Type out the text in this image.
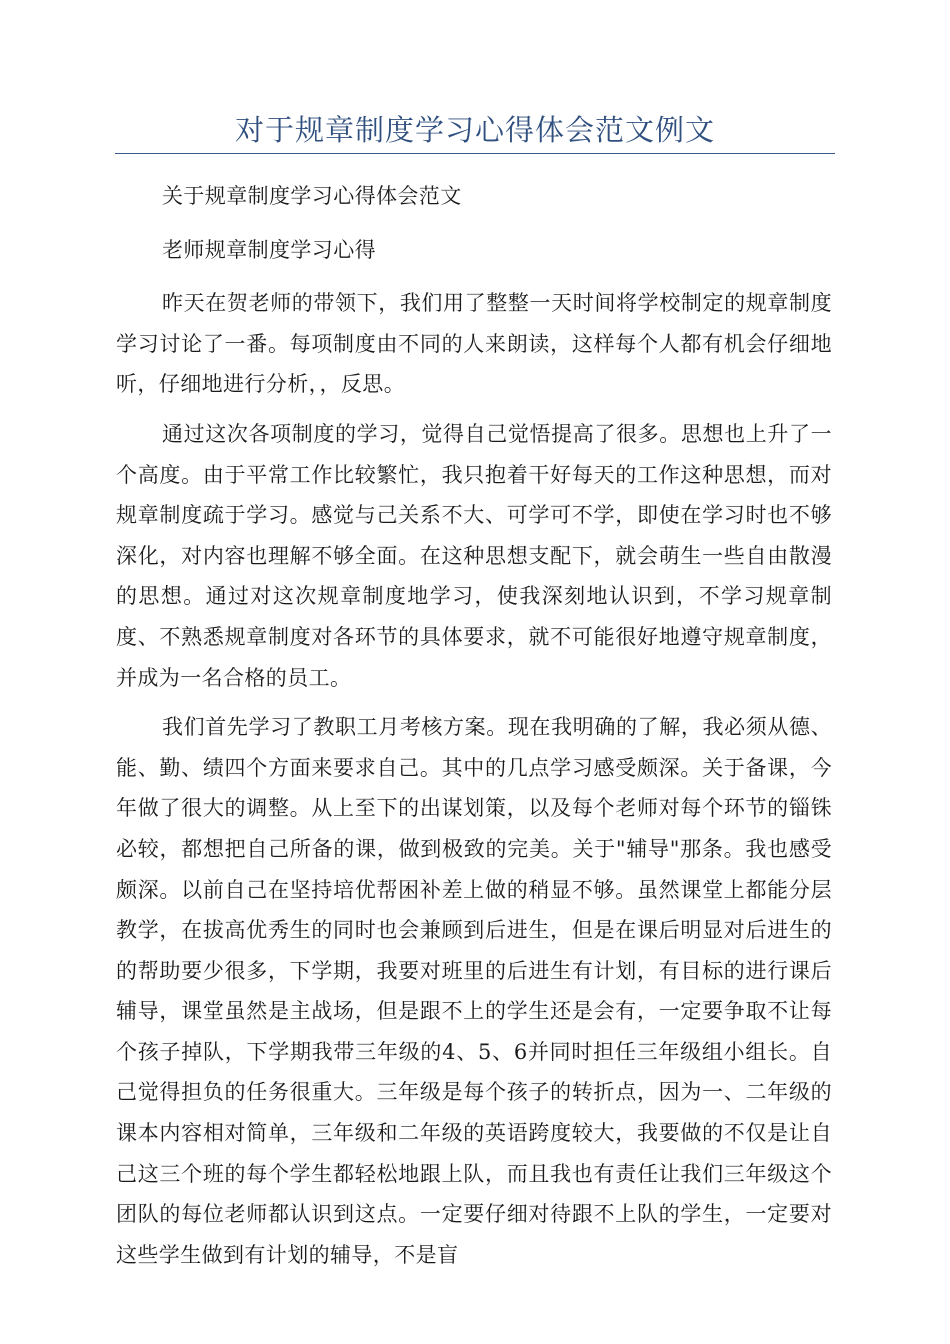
对于规章制度学习心得体会范文例文

关于规章制度学习心得体会范文

老师规章制度学习心得

昨天在贺老师的带领下，我们用了整整一天时间将学校制定的规章制度学习讨论了一番。每项制度由不同的人来朗读，这样每个人都有机会仔细地听，仔细地进行分析，，反思。

通过这次各项制度的学习，觉得自己觉悟提高了很多。思想也上升了一个高度。由于平常工作比较繁忙，我只抱着干好每天的工作这种思想，而对规章制度疏于学习。感觉与己关系不大、可学可不学，即使在学习时也不够深化，对内容也理解不够全面。在这种思想支配下，就会萌生一些自由散漫的思想。通过对这次规章制度地学习，使我深刻地认识到，不学习规章制度、不熟悉规章制度对各环节的具体要求，就不可能很好地遵守规章制度，并成为一名合格的员工。

我们首先学习了教职工月考核方案。现在我明确的了解，我必须从德、能、勤、绩四个方面来要求自己。其中的几点学习感受颇深。关于备课，今年做了很大的调整。从上至下的出谋划策，以及每个老师对每个环节的锱铢必较，都想把自己所备的课，做到极致的完美。关于"辅导"那条。我也感受颇深。以前自己在坚持培优帮困补差上做的稍显不够。虽然课堂上都能分层教学，在拔高优秀生的同时也会兼顾到后进生，但是在课后明显对后进生的的帮助要少很多，下学期，我要对班里的后进生有计划，有目标的进行课后辅导，课堂虽然是主战场，但是跟不上的学生还是会有，一定要争取不让每个孩子掉队，下学期我带三年级的4、5、6并同时担任三年级组小组长。自己觉得担负的任务很重大。三年级是每个孩子的转折点，因为一、二年级的课本内容相对简单，三年级和二年级的英语跨度较大，我要做的不仅是让自己这三个班的每个学生都轻松地跟上队，而且我也有责任让我们三年级这个团队的每位老师都认识到这点。一定要仔细对待跟不上队的学生，一定要对这些学生做到有计划的辅导，不是盲
